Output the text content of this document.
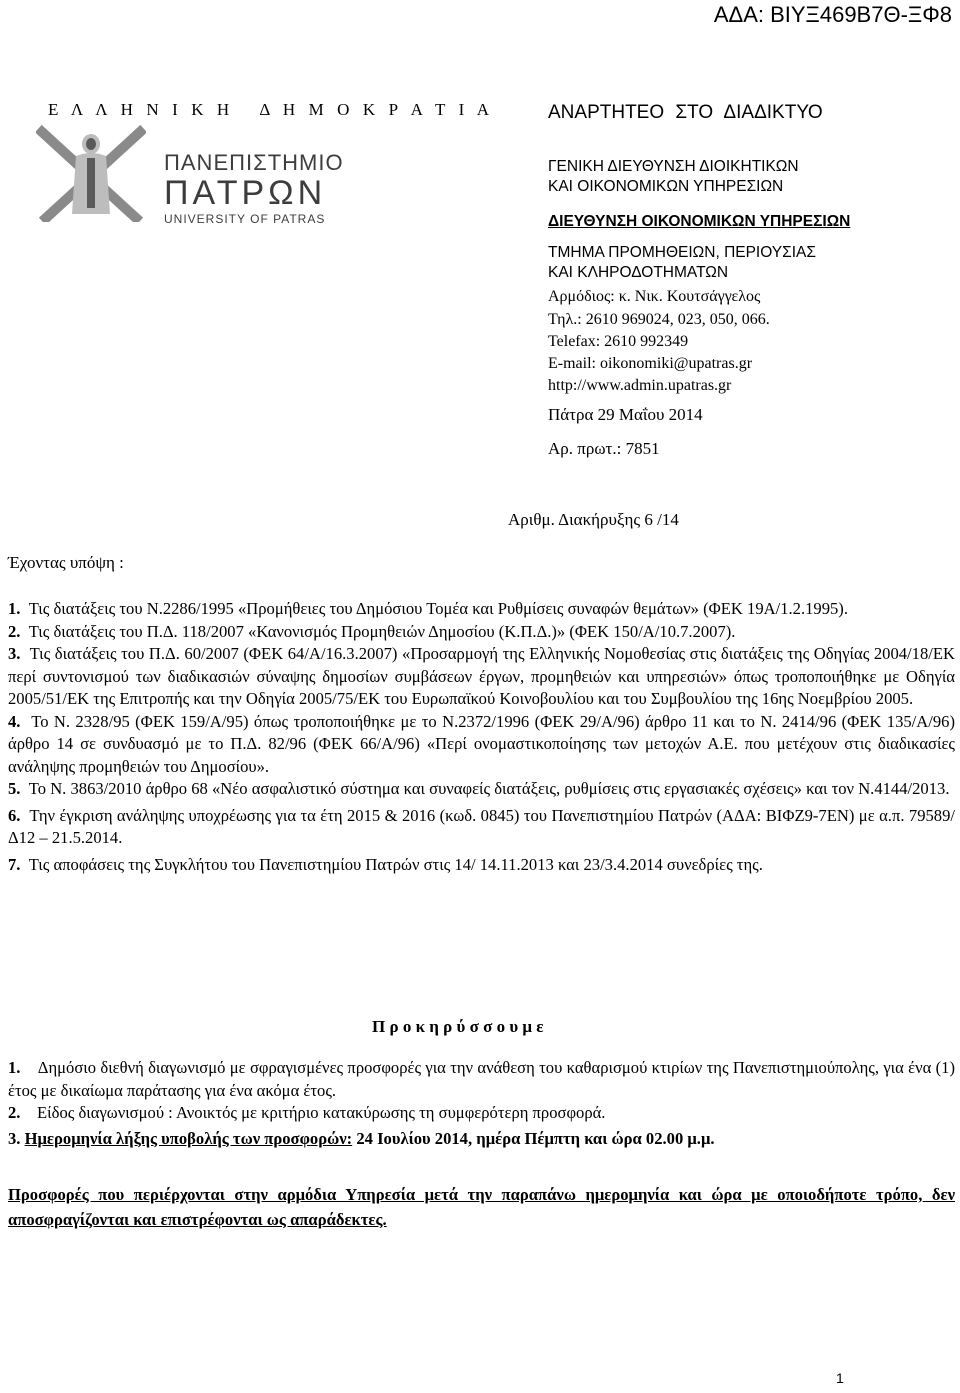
ΑΔΑ: ΒΙΥΞ469Β7Θ-ΞΦ8
Ε Λ Λ Η Ν Ι Κ Η   Δ Η Μ Ο Κ Ρ Α Τ Ι Α
ΠΑΝΕΠΙΣΤΗΜΙΟ
ΠΑΤΡΩΝ
UNIVERSITY OF PATRAS
ΑΝΑΡΤΗΤΕΟ ΣΤΟ ΔΙΑΔΙΚΤΥΟ
ΓΕΝΙΚΗ ΔΙΕΥΘΥΝΣΗ ΔΙΟΙΚΗΤΙΚΩΝ
ΚΑΙ ΟΙΚΟΝΟΜΙΚΩΝ ΥΠΗΡΕΣΙΩΝ
ΔΙΕΥΘΥΝΣΗ ΟΙΚΟΝΟΜΙΚΩΝ ΥΠΗΡΕΣΙΩΝ
ΤΜΗΜΑ ΠΡΟΜΗΘΕΙΩΝ, ΠΕΡΙΟΥΣΙΑΣ
ΚΑΙ ΚΛΗΡΟΔΟΤΗΜΑΤΩΝ
Αρμόδιος: κ. Νικ. Κουτσάγγελος
Τηλ.: 2610 969024, 023, 050, 066.
Telefax: 2610 992349
E-mail: oikonomiki@upatras.gr
http://www.admin.upatras.gr
Πάτρα 29 Μαΐου 2014
Αρ. πρωτ.: 7851
Αριθμ. Διακήρυξης 6 /14
Έχοντας υπόψη :
1. Τις διατάξεις του Ν.2286/1995 «Προμήθειες του Δημόσιου Τομέα και Ρυθμίσεις συναφών θεμάτων» (ΦΕΚ 19Α/1.2.1995).
2. Τις διατάξεις του Π.Δ. 118/2007 «Κανονισμός Προμηθειών Δημοσίου (Κ.Π.Δ.)» (ΦΕΚ 150/Α/10.7.2007).
3. Τις διατάξεις του Π.Δ. 60/2007 (ΦΕΚ 64/Α/16.3.2007) «Προσαρμογή της Ελληνικής Νομοθεσίας στις διατάξεις της Οδηγίας 2004/18/ΕΚ περί συντονισμού των διαδικασιών σύναψης δημοσίων συμβάσεων έργων, προμηθειών και υπηρεσιών» όπως τροποποιήθηκε με Οδηγία 2005/51/ΕΚ της Επιτροπής και την Οδηγία 2005/75/ΕΚ του Ευρωπαϊκού Κοινοβουλίου και του Συμβουλίου της 16ης Νοεμβρίου 2005.
4. Το Ν. 2328/95 (ΦΕΚ 159/Α/95) όπως τροποποιήθηκε με το Ν.2372/1996 (ΦΕΚ 29/Α/96) άρθρο 11 και το Ν. 2414/96 (ΦΕΚ 135/Α/96) άρθρο 14 σε συνδυασμό με το Π.Δ. 82/96 (ΦΕΚ 66/Α/96) «Περί ονομαστικοποίησης των μετοχών Α.Ε. που μετέχουν στις διαδικασίες ανάληψης προμηθειών του Δημοσίου».
5. Το Ν. 3863/2010 άρθρο 68 «Νέο ασφαλιστικό σύστημα και συναφείς διατάξεις, ρυθμίσεις στις εργασιακές σχέσεις» και τον Ν.4144/2013.
6. Την έγκριση ανάληψης υποχρέωσης για τα έτη 2015 & 2016 (κωδ. 0845) του Πανεπιστημίου Πατρών (ΑΔΑ: ΒΙΦΖ9-7ΕΝ) με α.π. 79589/Δ12 – 21.5.2014.
7. Τις αποφάσεις της Συγκλήτου του Πανεπιστημίου Πατρών στις 14/ 14.11.2013 και 23/3.4.2014 συνεδρίες της.
Π ρ ο κ η ρ ύ σ σ ο υ μ ε
1. Δημόσιο διεθνή διαγωνισμό με σφραγισμένες προσφορές για την ανάθεση του καθαρισμού κτιρίων της Πανεπιστημιούπολης, για ένα (1) έτος με δικαίωμα παράτασης για ένα ακόμα έτος.
2. Είδος διαγωνισμού : Ανοικτός με κριτήριο κατακύρωσης τη συμφερότερη προσφορά.
3. Ημερομηνία λήξης υποβολής των προσφορών: 24 Ιουλίου 2014, ημέρα Πέμπτη και ώρα 02.00 μ.μ.
Προσφορές που περιέρχονται στην αρμόδια Υπηρεσία μετά την παραπάνω ημερομηνία και ώρα με οποιοδήποτε τρόπο, δεν αποσφραγίζονται και επιστρέφονται ως απαράδεκτες.
1
